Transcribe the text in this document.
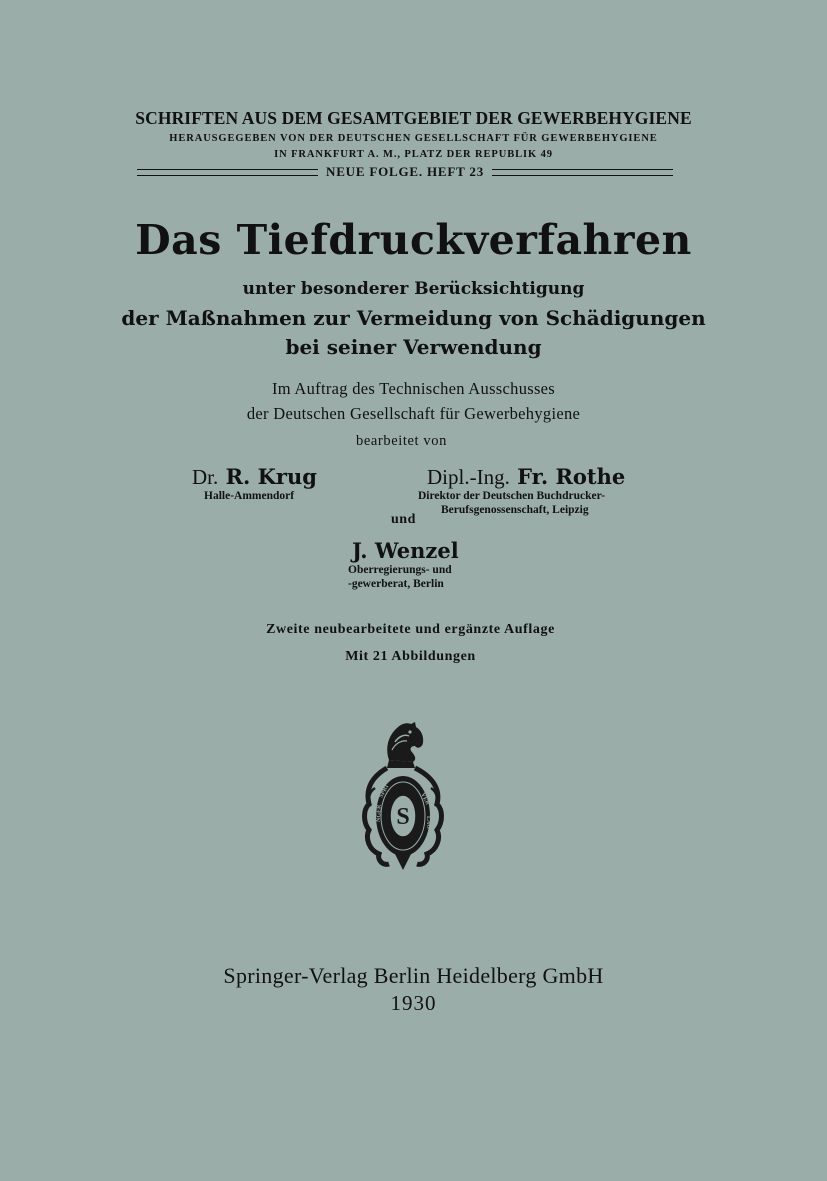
SCHRIFTEN AUS DEM GESAMTGEBIET DER GEWERBEHYGIENE
HERAUSGEGEBEN VON DER DEUTSCHEN GESELLSCHAFT FÜR GEWERBEHYGIENE
IN FRANKFURT A. M., PLATZ DER REPUBLIK 49
NEUE FOLGE. HEFT 23
Das Tiefdruckverfahren
unter besonderer Berücksichtigung
der Maßnahmen zur Vermeidung von Schädigungen
bei seiner Verwendung
Im Auftrag des Technischen Ausschusses
der Deutschen Gesellschaft für Gewerbehygiene
bearbeitet von
Dr. R. Krug
Halle-Ammendorf
Dipl.-Ing. Fr. Rothe
Direktor der Deutschen Buchdrucker-
Berufsgenossenschaft, Leipzig
und
J. Wenzel
Oberregierungs- und
-gewerberat, Berlin
Zweite neubearbeitete und ergänzte Auflage
Mit 21 Abbildungen
S
SPRI
NGER
VER
LAG
Springer-Verlag Berlin Heidelberg GmbH
1930
